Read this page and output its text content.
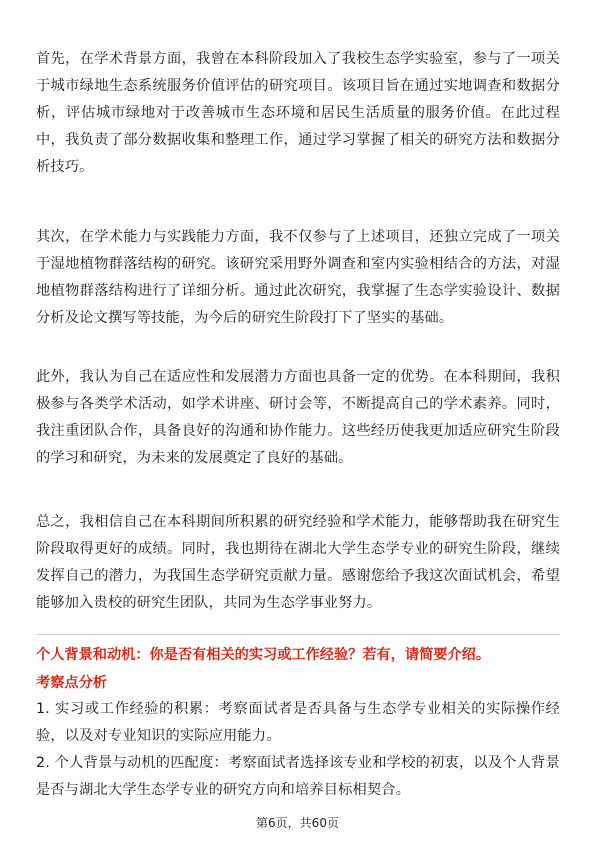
首先，在学术背景方面，我曾在本科阶段加入了我校生态学实验室，参与了一项关于城市绿地生态系统服务价值评估的研究项目。该项目旨在通过实地调查和数据分析，评估城市绿地对于改善城市生态环境和居民生活质量的服务价值。在此过程中，我负责了部分数据收集和整理工作，通过学习掌握了相关的研究方法和数据分析技巧。

其次，在学术能力与实践能力方面，我不仅参与了上述项目，还独立完成了一项关于湿地植物群落结构的研究。该研究采用野外调查和室内实验相结合的方法，对湿地植物群落结构进行了详细分析。通过此次研究，我掌握了生态学实验设计、数据分析及论文撰写等技能，为今后的研究生阶段打下了坚实的基础。

此外，我认为自己在适应性和发展潜力方面也具备一定的优势。在本科期间，我积极参与各类学术活动，如学术讲座、研讨会等，不断提高自己的学术素养。同时，我注重团队合作，具备良好的沟通和协作能力。这些经历使我更加适应研究生阶段的学习和研究，为未来的发展奠定了良好的基础。

总之，我相信自己在本科期间所积累的研究经验和学术能力，能够帮助我在研究生阶段取得更好的成绩。同时，我也期待在湖北大学生态学专业的研究生阶段，继续发挥自己的潜力，为我国生态学研究贡献力量。感谢您给予我这次面试机会，希望能够加入贵校的研究生团队，共同为生态学事业努力。

个人背景和动机：你是否有相关的实习或工作经验？若有，请简要介绍。

考察点分析

1. 实习或工作经验的积累：考察面试者是否具备与生态学专业相关的实际操作经验，以及对专业知识的实际应用能力。
2. 个人背景与动机的匹配度：考察面试者选择该专业和学校的初衷，以及个人背景是否与湖北大学生态学专业的研究方向和培养目标相契合。
第6页，共60页
